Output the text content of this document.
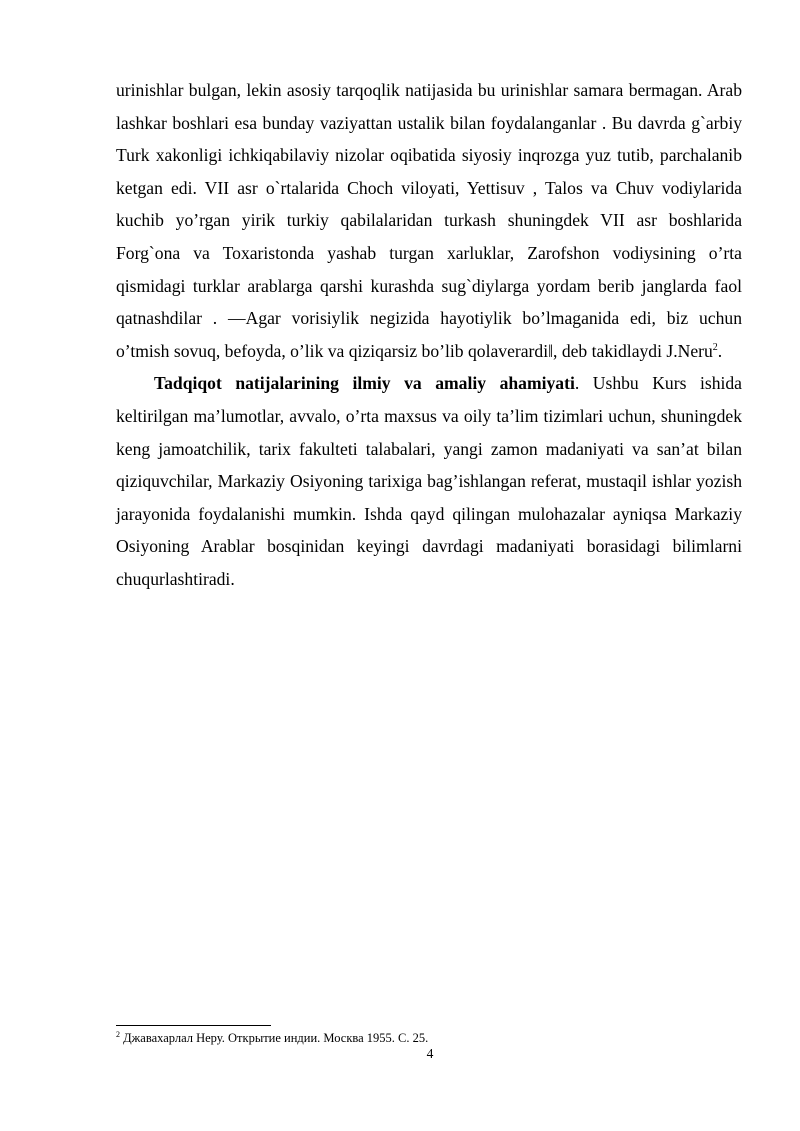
urinishlar bulgan, lekin asosiy tarqoqlik natijasida bu urinishlar samara bermagan. Arab lashkar boshlari esa bunday vaziyattan ustalik bilan foydalanganlar . Bu davrda g`arbiy Turk xakonligi ichkiqabilaviy nizolar oqibatida siyosiy inqrozga yuz tutib, parchalanib ketgan edi. VII asr o`rtalarida Choch viloyati, Yettisuv , Talos va Chuv vodiylarida kuchib yo’rgan yirik turkiy qabilalaridan turkash shuningdek VII asr boshlarida Forg`ona va Toxaristonda yashab turgan xarluklar, Zarofshon vodiysining o’rta qismidagi turklar arablarga qarshi kurashda sug`diylarga yordam berib janglarda faol qatnashdilar . ―Agar vorisiylik negizida hayotiylik bo’lmaganida edi, biz uchun o’tmish sovuq, befoyda, o’lik va qiziqarsiz bo’lib qolaverardi‖, deb takidlaydi J.Neru$^2$.

Tadqiqot natijalarining ilmiy va amaliy ahamiyati. Ushbu Kurs ishida keltirilgan ma’lumotlar, avvalo, o’rta maxsus va oily ta’lim tizimlari uchun, shuningdek keng jamoatchilik, tarix fakulteti talabalari, yangi zamon madaniyati va san’at bilan qiziquvchilar, Markaziy Osiyoning tarixiga bag’ishlangan referat, mustaqil ishlar yozish jarayonida foydalanishi mumkin. Ishda qayd qilingan mulohazalar ayniqsa Markaziy Osiyoning Arablar bosqinidan keyingi davrdagi madaniyati borasidagi bilimlarni chuqurlashtiradi.

$^2$ Джавахарлал Неру. Открытие индии. Москва 1955. С. 25.
4
